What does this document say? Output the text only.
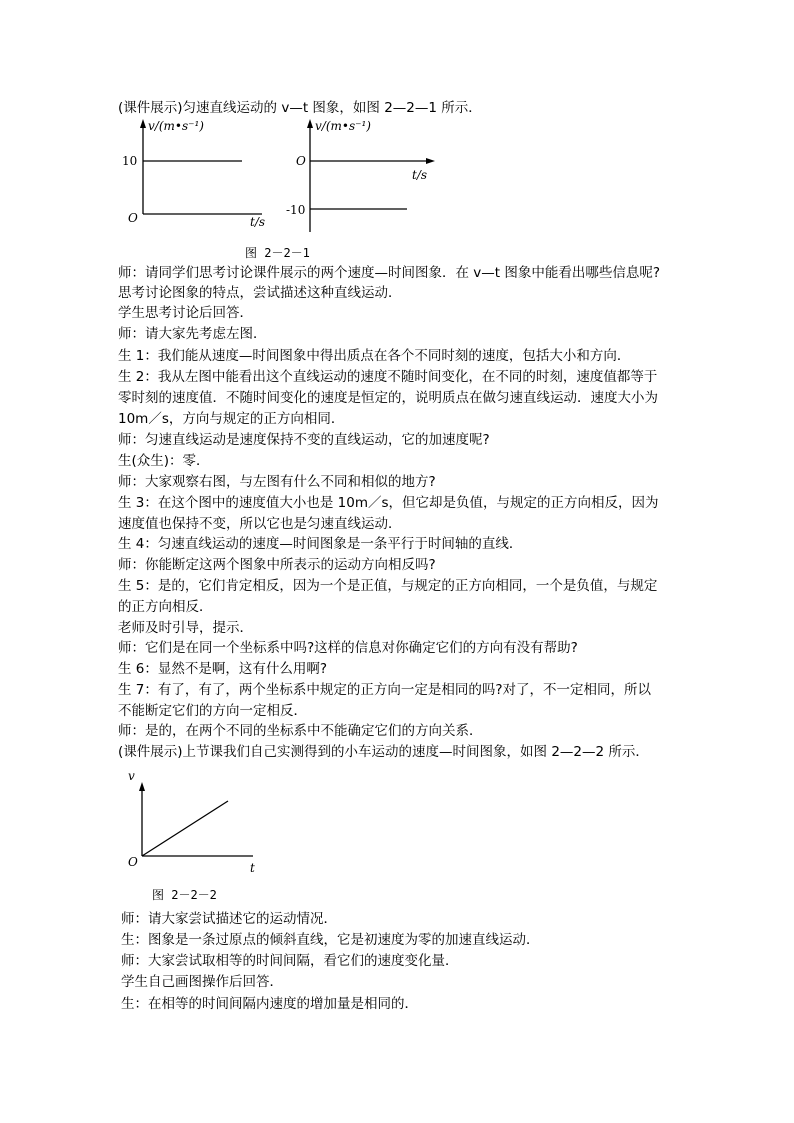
(课件展示)匀速直线运动的 v—t 图象，如图 2—2—1 所示．
v/(m•s⁻¹)
10
O	t/s
v/(m•s⁻¹)
O
t/s
-10
图 2－2－1
师：请同学们思考讨论课件展示的两个速度—时间图象．在 v—t 图象中能看出哪些信息呢?
思考讨论图象的特点，尝试描述这种直线运动．
学生思考讨论后回答．
师：请大家先考虑左图．
生 1：我们能从速度—时间图象中得出质点在各个不同时刻的速度，包括大小和方向．
生 2：我从左图中能看出这个直线运动的速度不随时间变化，在不同的时刻，速度值都等于
零时刻的速度值．不随时间变化的速度是恒定的，说明质点在做匀速直线运动．速度大小为
10m／s，方向与规定的正方向相同．
师：匀速直线运动是速度保持不变的直线运动，它的加速度呢?
生(众生)：零．
师：大家观察右图，与左图有什么不同和相似的地方?
生 3：在这个图中的速度值大小也是 10m／s，但它却是负值，与规定的正方向相反，因为
速度值也保持不变，所以它也是匀速直线运动．
生 4：匀速直线运动的速度—时间图象是一条平行于时间轴的直线．
师：你能断定这两个图象中所表示的运动方向相反吗?
生 5：是的，它们肯定相反，因为一个是正值，与规定的正方向相同，一个是负值，与规定
的正方向相反．
老师及时引导，提示．
师：它们是在同一个坐标系中吗?这样的信息对你确定它们的方向有没有帮助?
生 6：显然不是啊，这有什么用啊?
生 7：有了，有了，两个坐标系中规定的正方向一定是相同的吗?对了，不一定相同，所以
不能断定它们的方向一定相反．
师：是的，在两个不同的坐标系中不能确定它们的方向关系．
(课件展示)上节课我们自己实测得到的小车运动的速度—时间图象，如图 2—2—2 所示．
v
O	t
图 2－2－2
师：请大家尝试描述它的运动情况．
生：图象是一条过原点的倾斜直线，它是初速度为零的加速直线运动．
师：大家尝试取相等的时间间隔，看它们的速度变化量．
学生自己画图操作后回答．
生：在相等的时间间隔内速度的增加量是相同的．
